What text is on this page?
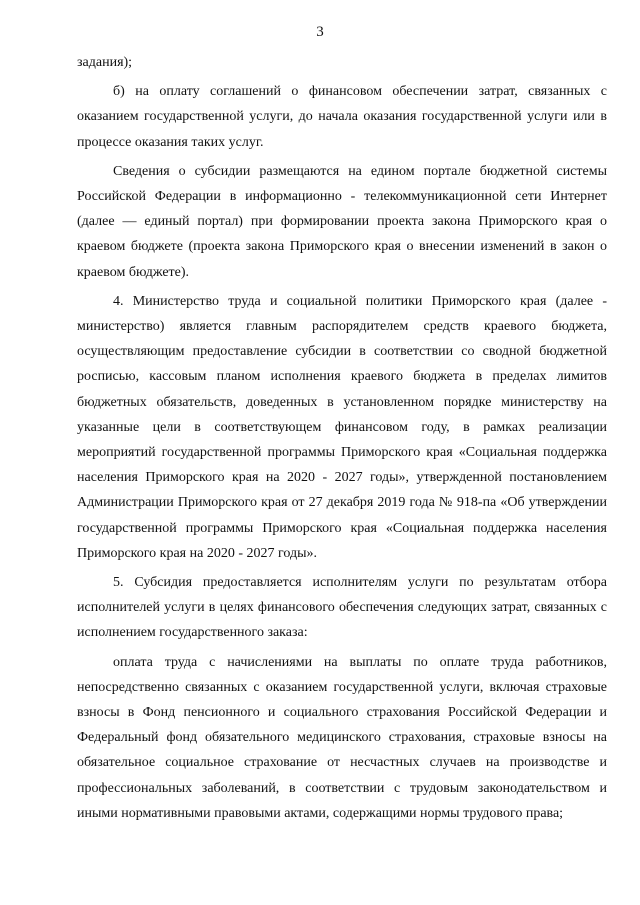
3

задания);

б) на оплату соглашений о финансовом обеспечении затрат, связанных с оказанием государственной услуги, до начала оказания государственной услуги или в процессе оказания таких услуг.

Сведения о субсидии размещаются на едином портале бюджетной системы Российской Федерации в информационно - телекоммуникационной сети Интернет (далее — единый портал) при формировании проекта закона Приморского края о краевом бюджете (проекта закона Приморского края о внесении изменений в закон о краевом бюджете).

4. Министерство труда и социальной политики Приморского края (далее - министерство) является главным распорядителем средств краевого бюджета, осуществляющим предоставление субсидии в соответствии со сводной бюджетной росписью, кассовым планом исполнения краевого бюджета в пределах лимитов бюджетных обязательств, доведенных в установленном порядке министерству на указанные цели в соответствующем финансовом году, в рамках реализации мероприятий государственной программы Приморского края «Социальная поддержка населения Приморского края на 2020 - 2027 годы», утвержденной постановлением Администрации Приморского края от 27 декабря 2019 года № 918-па «Об утверждении государственной программы Приморского края «Социальная поддержка населения Приморского края на 2020 - 2027 годы».

5. Субсидия предоставляется исполнителям услуги по результатам отбора исполнителей услуги в целях финансового обеспечения следующих затрат, связанных с исполнением государственного заказа:

оплата труда с начислениями на выплаты по оплате труда работников, непосредственно связанных с оказанием государственной услуги, включая страховые взносы в Фонд пенсионного и социального страхования Российской Федерации и Федеральный фонд обязательного медицинского страхования, страховые взносы на обязательное социальное страхование от несчастных случаев на производстве и профессиональных заболеваний, в соответствии с трудовым законодательством и иными нормативными правовыми актами, содержащими нормы трудового права;
